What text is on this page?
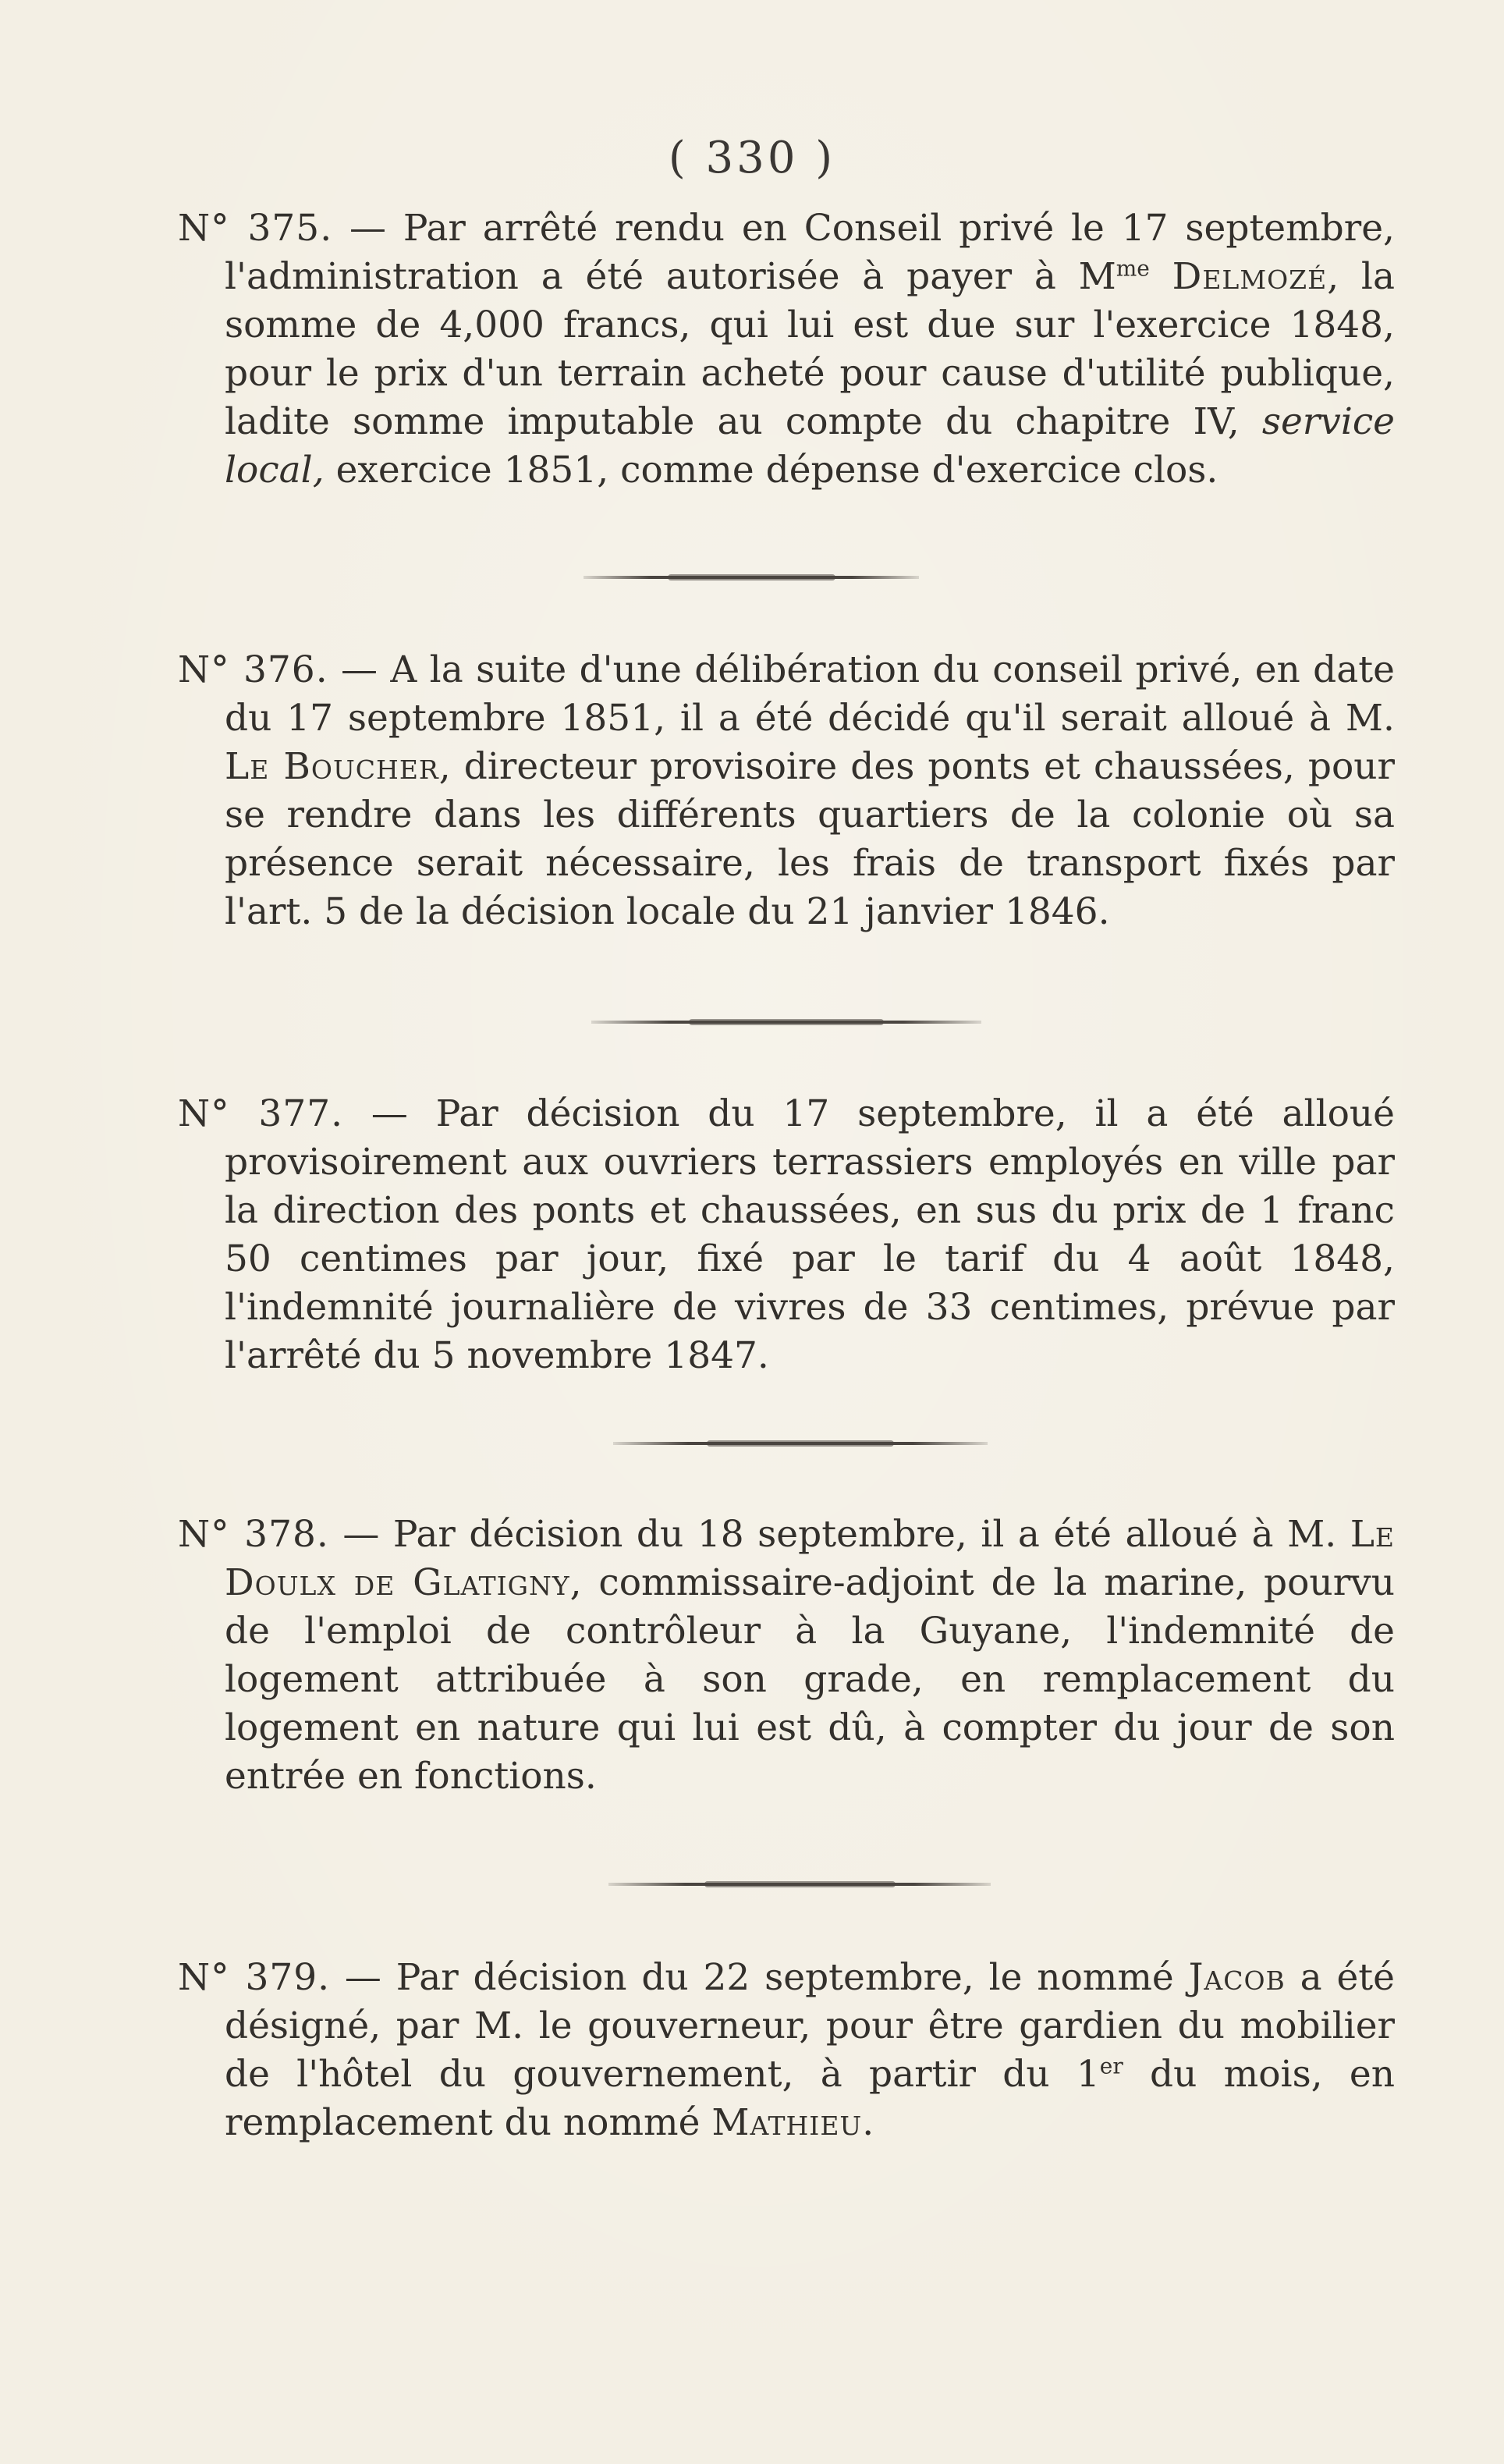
( 330 )

N° 375. — Par arrêté rendu en Conseil privé le 17 septembre, l'administration a été autorisée à payer à $M^{me}$ Delmozé, la somme de 4,000 francs, qui lui est due sur l'exercice 1848, pour le prix d'un terrain acheté pour cause d'utilité publique, ladite somme imputable au compte du chapitre IV, service local, exercice 1851, comme dépense d'exercice clos.

N° 376. — A la suite d'une délibération du conseil privé, en date du 17 septembre 1851, il a été décidé qu'il serait alloué à M. Le Boucher, directeur provisoire des ponts et chaussées, pour se rendre dans les différents quartiers de la colonie où sa présence serait nécessaire, les frais de transport fixés par l'art. 5 de la décision locale du 21 janvier 1846.

N° 377. — Par décision du 17 septembre, il a été alloué provisoirement aux ouvriers terrassiers employés en ville par la direction des ponts et chaussées, en sus du prix de 1 franc 50 centimes par jour, fixé par le tarif du 4 août 1848, l'indemnité journalière de vivres de 33 centimes, prévue par l'arrêté du 5 novembre 1847.

N° 378. — Par décision du 18 septembre, il a été alloué à M. Le Doulx de Glatigny, commissaire-adjoint de la marine, pourvu de l'emploi de contrôleur à la Guyane, l'indemnité de logement attribuée à son grade, en remplacement du logement en nature qui lui est dû, à compter du jour de son entrée en fonctions.

N° 379. — Par décision du 22 septembre, le nommé Jacob a été désigné, par M. le gouverneur, pour être gardien du mobilier de l'hôtel du gouvernement, à partir du 1er du mois, en remplacement du nommé Mathieu.
